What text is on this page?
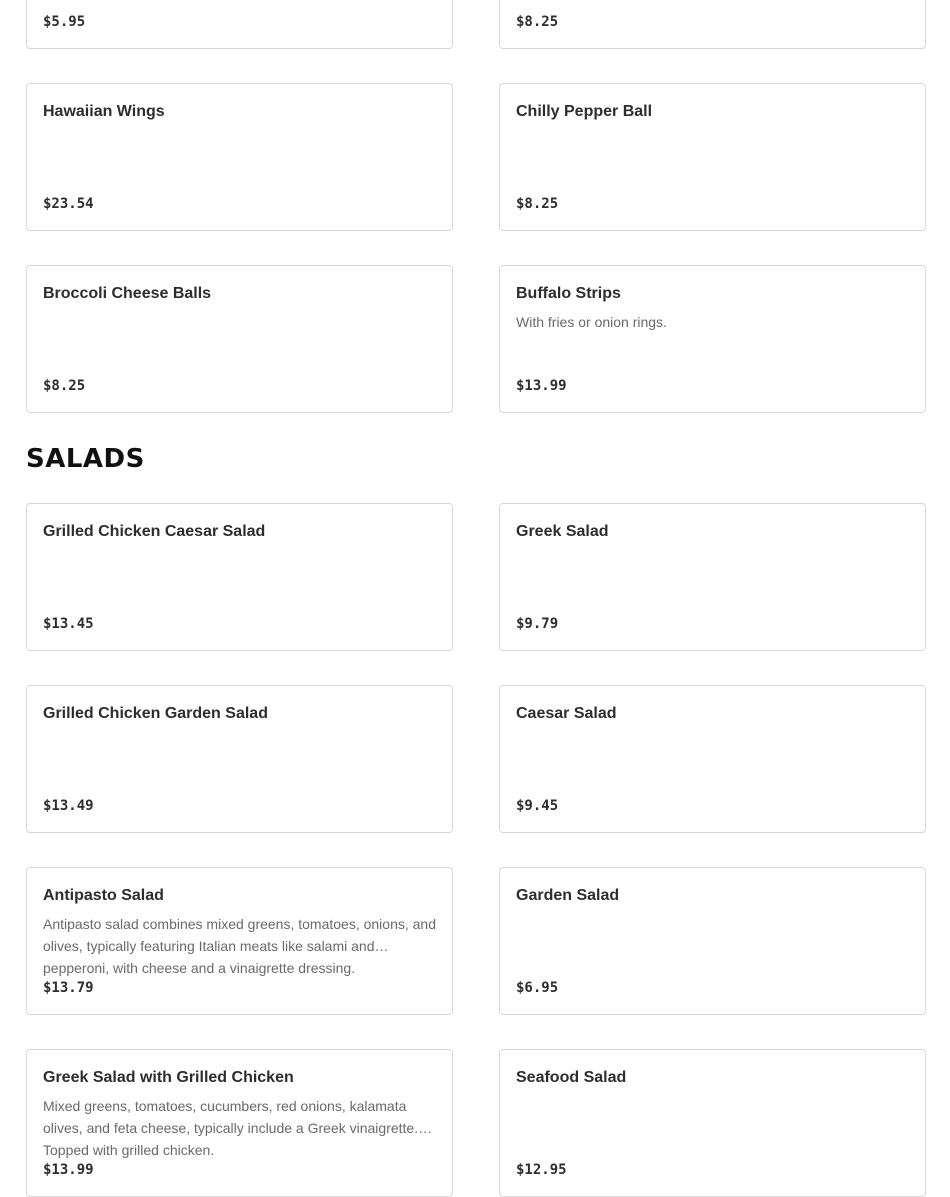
$5.95	$8.25
Hawaiian Wings
$23.54
Chilly Pepper Ball
$8.25
Broccoli Cheese Balls
$8.25
Buffalo Strips
With fries or onion rings.
$13.99
SALADS
Grilled Chicken Caesar Salad
$13.45
Greek Salad
$9.79
Grilled Chicken Garden Salad
$13.49
Caesar Salad
$9.45
Antipasto Salad
Antipasto salad combines mixed greens, tomatoes, onions, and olives, typically featuring Italian meats like salami and pepperoni, with cheese and a vinaigrette dressing.
$13.79
Garden Salad
$6.95
Greek Salad with Grilled Chicken
Mixed greens, tomatoes, cucumbers, red onions, kalamata olives, and feta cheese, typically include a Greek vinaigrette. Topped with grilled chicken.
$13.99
Seafood Salad
$12.95
